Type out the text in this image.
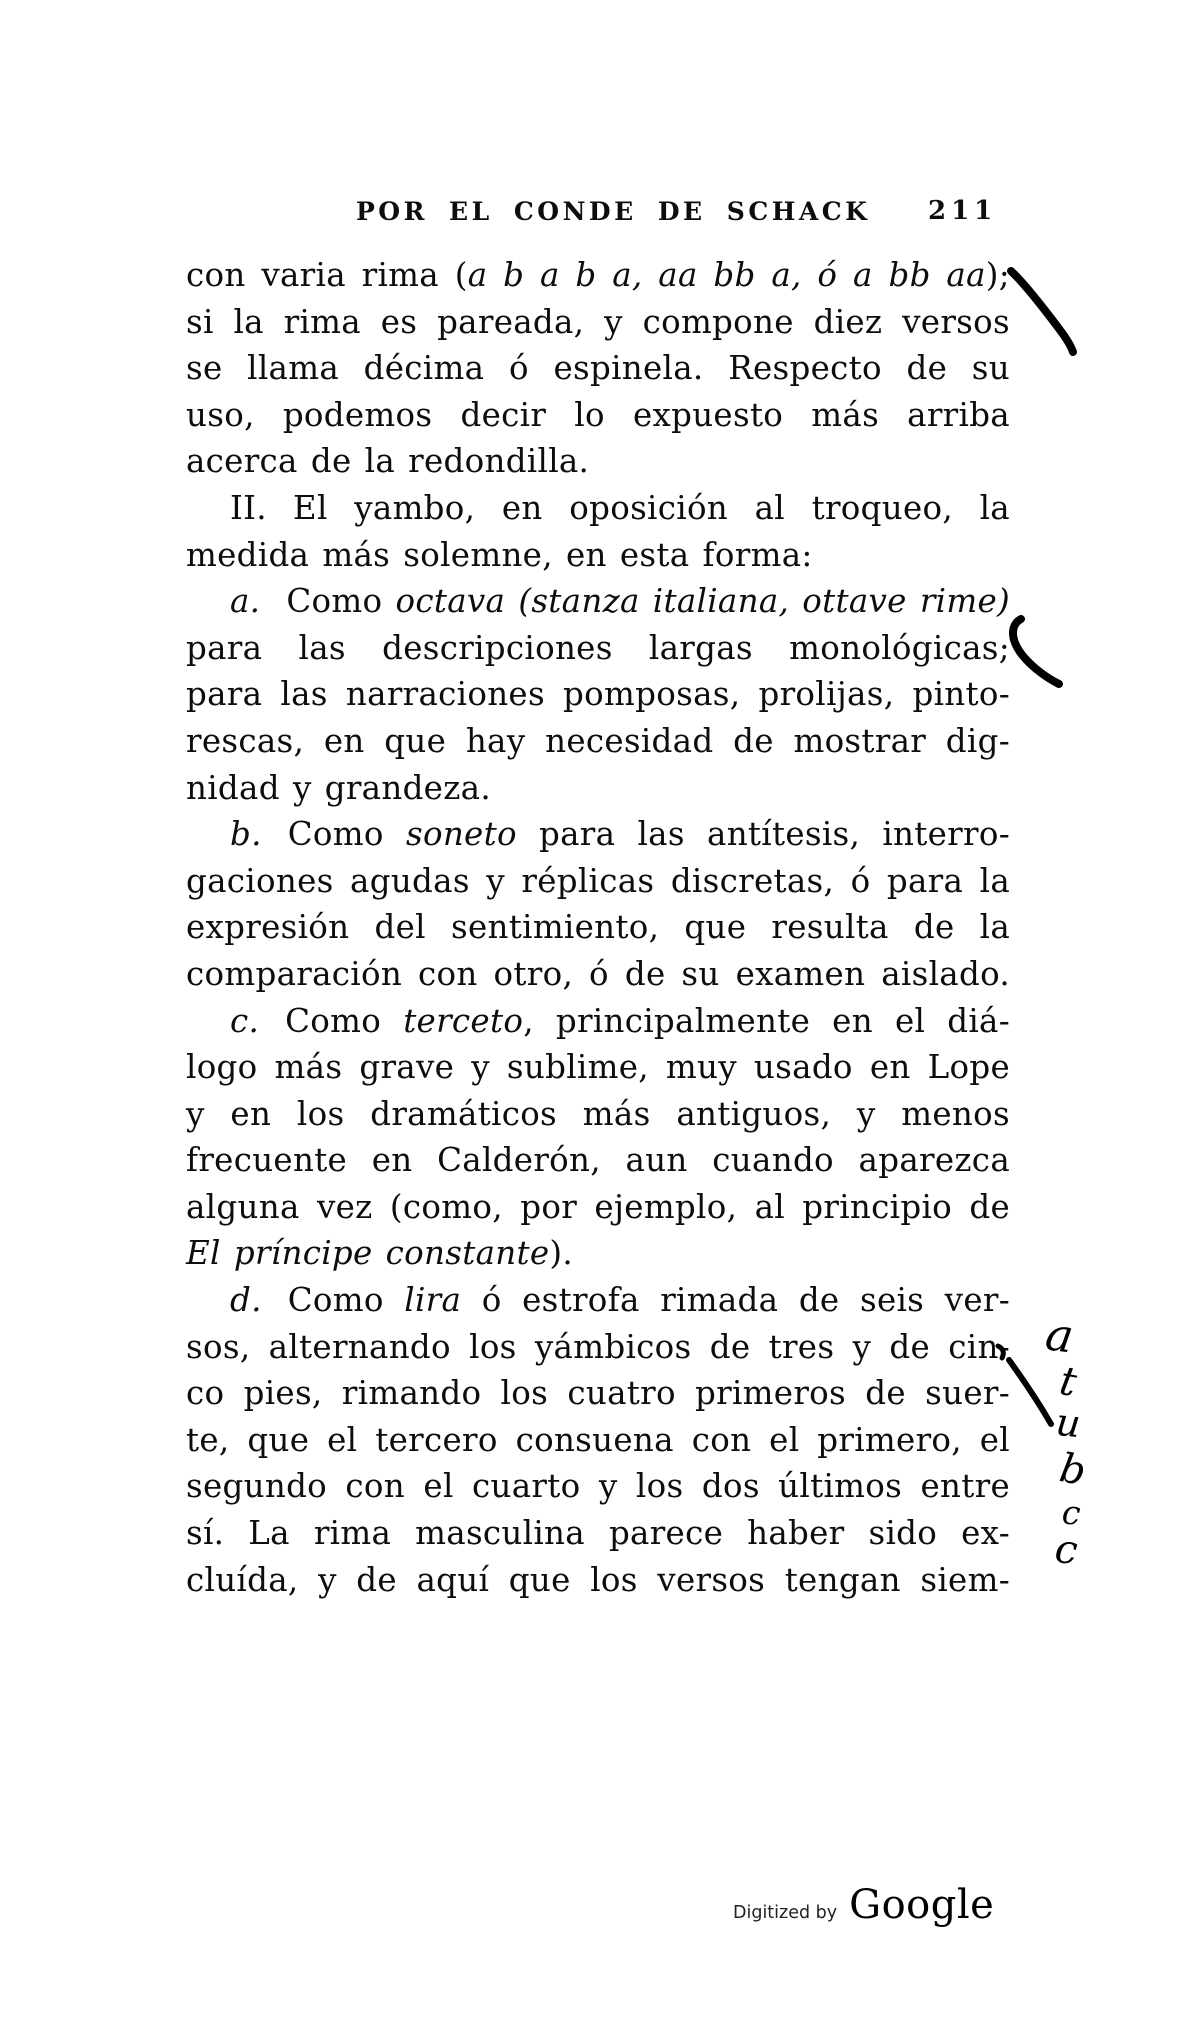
POR EL CONDE DE SCHACK 211
con varia rima (a b a b a, aa bb a, ó a bb aa);
si la rima es pareada, y compone diez versos
se llama décima ó espinela. Respecto de su
uso, podemos decir lo expuesto más arriba
acerca de la redondilla.
II. El yambo, en oposición al troqueo, la
medida más solemne, en esta forma:
a. Como octava (stanza italiana, ottave rime)
para las descripciones largas monológicas;
para las narraciones pomposas, prolijas, pinto-
rescas, en que hay necesidad de mostrar dig-
nidad y grandeza.
b. Como soneto para las antítesis, interro-
gaciones agudas y réplicas discretas, ó para la
expresión del sentimiento, que resulta de la
comparación con otro, ó de su examen aislado.
c. Como terceto, principalmente en el diá-
logo más grave y sublime, muy usado en Lope
y en los dramáticos más antiguos, y menos
frecuente en Calderón, aun cuando aparezca
alguna vez (como, por ejemplo, al principio de
El príncipe constante).
d. Como lira ó estrofa rimada de seis ver-
sos, alternando los yámbicos de tres y de cin-
co pies, rimando los cuatro primeros de suer-
te, que el tercero consuena con el primero, el
segundo con el cuarto y los dos últimos entre
sí. La rima masculina parece haber sido ex-
cluída, y de aquí que los versos tengan siem-
a
t
u
b
c
c
Digitized by Google
